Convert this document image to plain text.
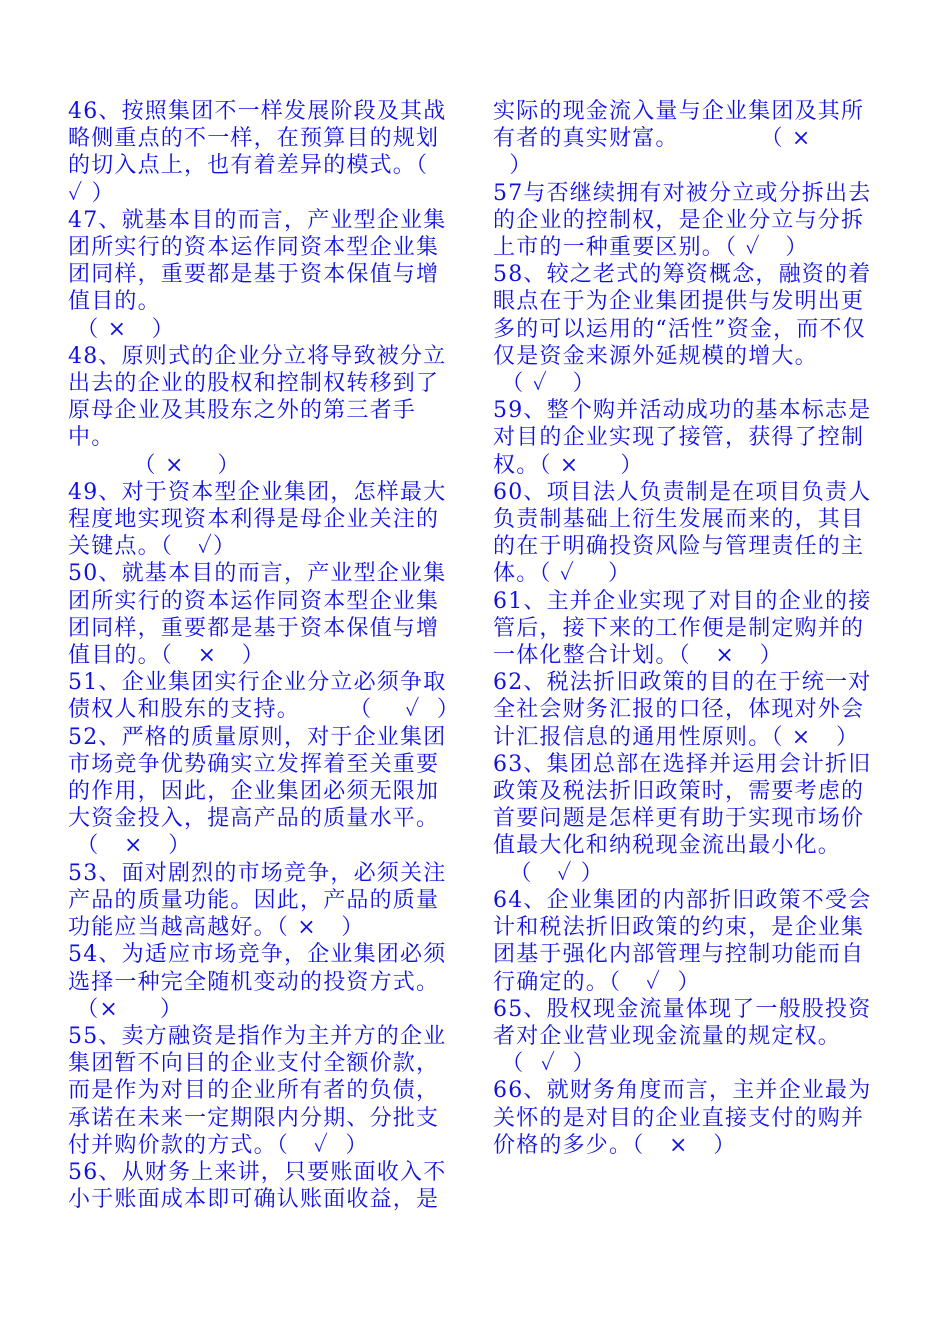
46、按照集团不一样发展阶段及其战略侧重点的不一样，在预算目的规划的切入点上，也有着差异的模式。（  ✓ ）

47、就基本目的而言，产业型企业集团所实行的资本运作同资本型企业集团同样，重要都是基于资本保值与增值目的。

（ ×   ）

48、原则式的企业分立将导致被分立出去的企业的股权和控制权转移到了原母企业及其股东之外的第三者手中。

（ ×    ）

49、对于资本型企业集团，怎样最大程度地实现资本利得是母企业关注的关键点。（   ✓）

50、就基本目的而言，产业型企业集团所实行的资本运作同资本型企业集团同样，重要都是基于资本保值与增值目的。（   ×   ）

51、企业集团实行企业分立必须争取债权人和股东的支持。      （    ✓  ）

52、严格的质量原则，对于企业集团市场竞争优势确实立发挥着至关重要的作用，因此，企业集团必须无限加大资金投入，提高产品的质量水平。

（   ×   ）

53、面对剧烈的市场竞争，必须关注产品的质量功能。因此，产品的质量功能应当越高越好。（ ×   ）

54、为适应市场竞争，企业集团必须选择一种完全随机变动的投资方式。

（×     ）

55、卖方融资是指作为主并方的企业集团暂不向目的企业支付全额价款，而是作为对目的企业所有者的负债，承诺在未来一定期限内分期、分批支付并购价款的方式。（   ✓  ）

56、从财务上来讲，只要账面收入不小于账面成本即可确认账面收益，是

实际的现金流入量与企业集团及其所有者的真实财富。          （ ×

）

57与否继续拥有对被分立或分拆出去的企业的控制权，是企业分立与分拆上市的一种重要区别。（ ✓   ）

58、较之老式的筹资概念，融资的着眼点在于为企业集团提供与发明出更多的可以运用的“活性”资金，而不仅仅是资金来源外延规模的增大。

（ ✓   ）

59、整个购并活动成功的基本标志是对目的企业实现了接管，获得了控制权。（ ×     ）

60、项目法人负责制是在项目负责人负责制基础上衍生发展而来的，其目的在于明确投资风险与管理责任的主体。（ ✓    ）

61、主并企业实现了对目的企业的接管后，接下来的工作便是制定购并的一体化整合计划。（   ×   ）

62、税法折旧政策的目的在于统一对全社会财务汇报的口径，体现对外会计汇报信息的通用性原则。（ ×   ）

63、集团总部在选择并运用会计折旧政策及税法折旧政策时，需要考虑的首要问题是怎样更有助于实现市场价值最大化和纳税现金流出最小化。

（   ✓ ）

64、企业集团的内部折旧政策不受会计和税法折旧政策的约束，是企业集团基于强化内部管理与控制功能而自行确定的。（   ✓  ）

65、股权现金流量体现了一般股投资者对企业营业现金流量的规定权。

（  ✓  ）

66、就财务角度而言，主并企业最为关怀的是对目的企业直接支付的购并价格的多少。（   ×   ）
